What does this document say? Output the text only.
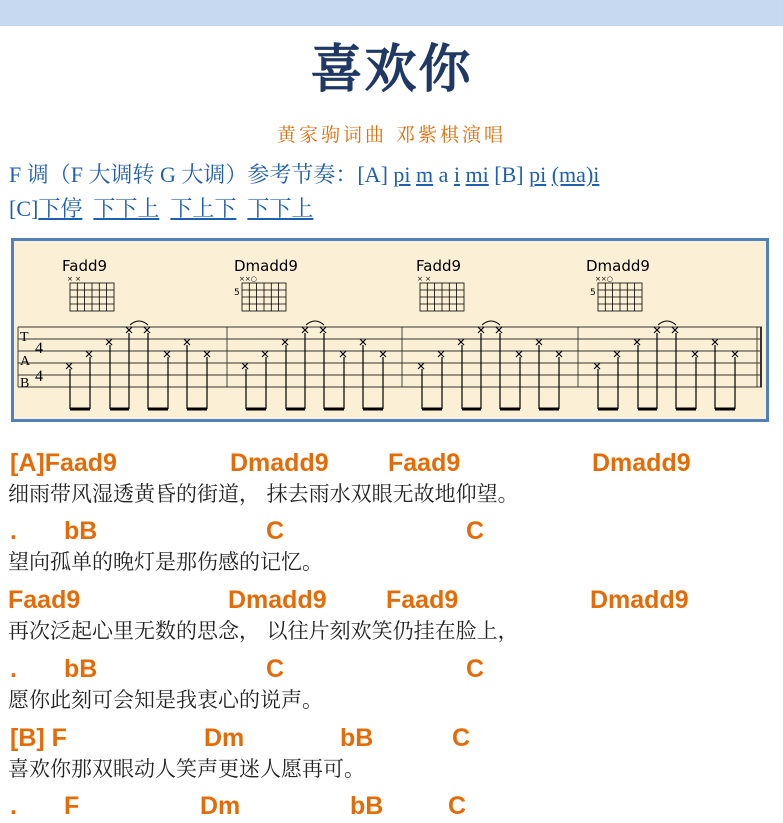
喜欢你
黄家驹词曲 邓紫棋演唱
F 调（F 大调转 G 大调）参考节奏：[A] pi m a i mi [B] pi (ma)i
[C]下停 下下上 下上下 下下上
Fadd9	Dmadd9	Fadd9	Dmadd9
× ×
5
××○	× ×
5
××○
T
A
B
4
4
[A]Faad9	Dmadd9 Faad9	Dmadd9
细雨带风湿透黄昏的街道， 抹去雨水双眼无故地仰望。
. bB	C	C
望向孤单的晚灯是那伤感的记忆。
Faad9	Dmadd9 Faad9	Dmadd9
再次泛起心里无数的思念， 以往片刻欢笑仍挂在脸上，
. bB	C	C
愿你此刻可会知是我衷心的说声。
[B] F	Dm	bB	C
喜欢你那双眼动人笑声更迷人愿再可。
. F	Dm	bB	C
